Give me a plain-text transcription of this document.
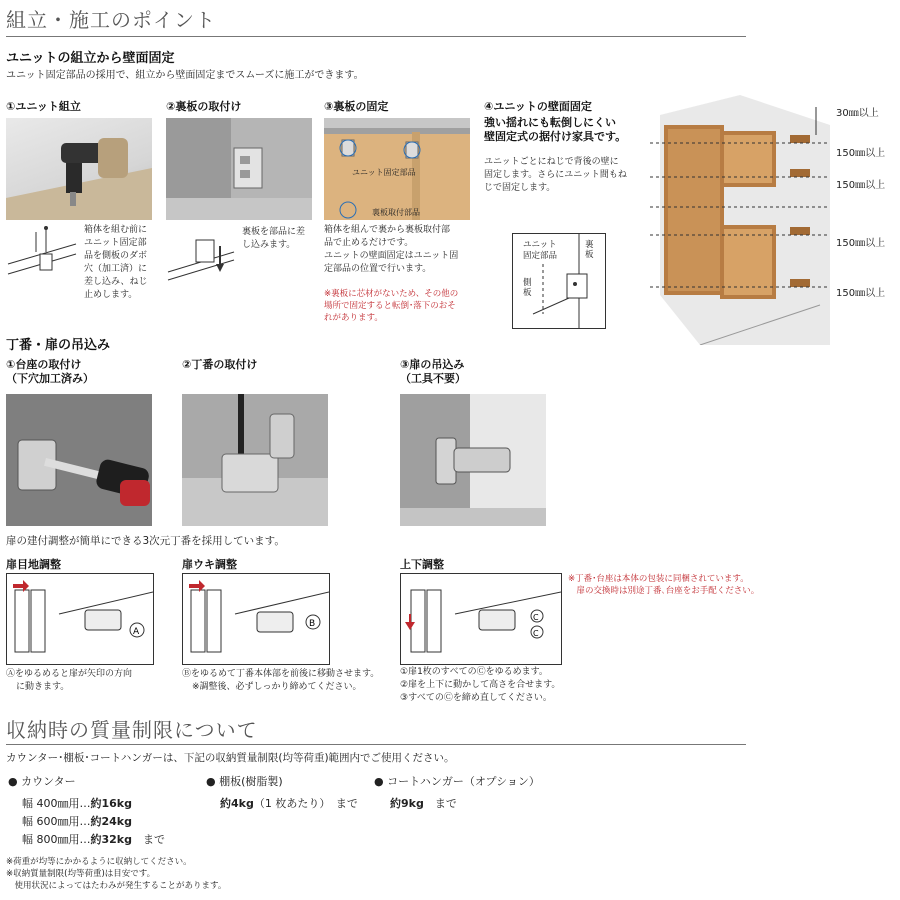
組立・施工のポイント
ユニットの組立から壁面固定
ユニット固定部品の採用で、組立から壁面固定までスムーズに施工ができます。
①ユニット組立
箱体を組む前に
ユニット固定部
品を側板のダボ
穴（加工済）に
差し込み、ねじ
止めします。
②裏板の取付け
裏板を部品に差
し込みます。
③裏板の固定
ユニット固定部品
裏板取付部品
箱体を組んで裏から裏板取付部
品で止めるだけです。
ユニットの壁面固定はユニット固
定部品の位置で行います。
※裏板に芯材がないため、その他の
場所で固定すると転倒･落下のおそ
れがあります。
④ユニットの壁面固定
強い揺れにも転倒しにくい
壁固定式の据付け家具です。
ユニットごとにねじで背後の壁に
固定します。さらにユニット間もね
じで固定します。
ユニット
固定部品
裏板
側板
30㎜以上
150㎜以上
150㎜以上
150㎜以上
150㎜以上
丁番・扉の吊込み
①台座の取付け
（下穴加工済み）
②丁番の取付け	③扉の吊込み
（工具不要）
扉の建付調整が簡単にできる3次元丁番を採用しています。
扉目地調整
A
Ⓐをゆるめると扉が矢印の方向
に動きます。
扉ウキ調整
B
Ⓑをゆるめて丁番本体部を前後に移動させます。
※調整後、必ずしっかり締めてください。
上下調整
C
C
①扉1枚のすべてのⒸをゆるめます。
②扉を上下に動かして高さを合せます。
③すべてのⒸを締め直してください。
※丁番･台座は本体の包装に同梱されています。
　扉の交換時は別途丁番､台座をお手配ください。
収納時の質量制限について
カウンター･棚板･コートハンガーは、下記の収納質量制限(均等荷重)範囲内でご使用ください。
● カウンター
幅 400㎜用…約16kg
幅 600㎜用…約24kg
幅 800㎜用…約32kg　まで
● 棚板(樹脂製)
約4kg（1 枚あたり）　まで
● コートハンガー（オプション）
約9kg　まで
※荷重が均等にかかるように収納してください。
※収納質量制限(均等荷重)は目安です。
　使用状況によってはたわみが発生することがあります。
